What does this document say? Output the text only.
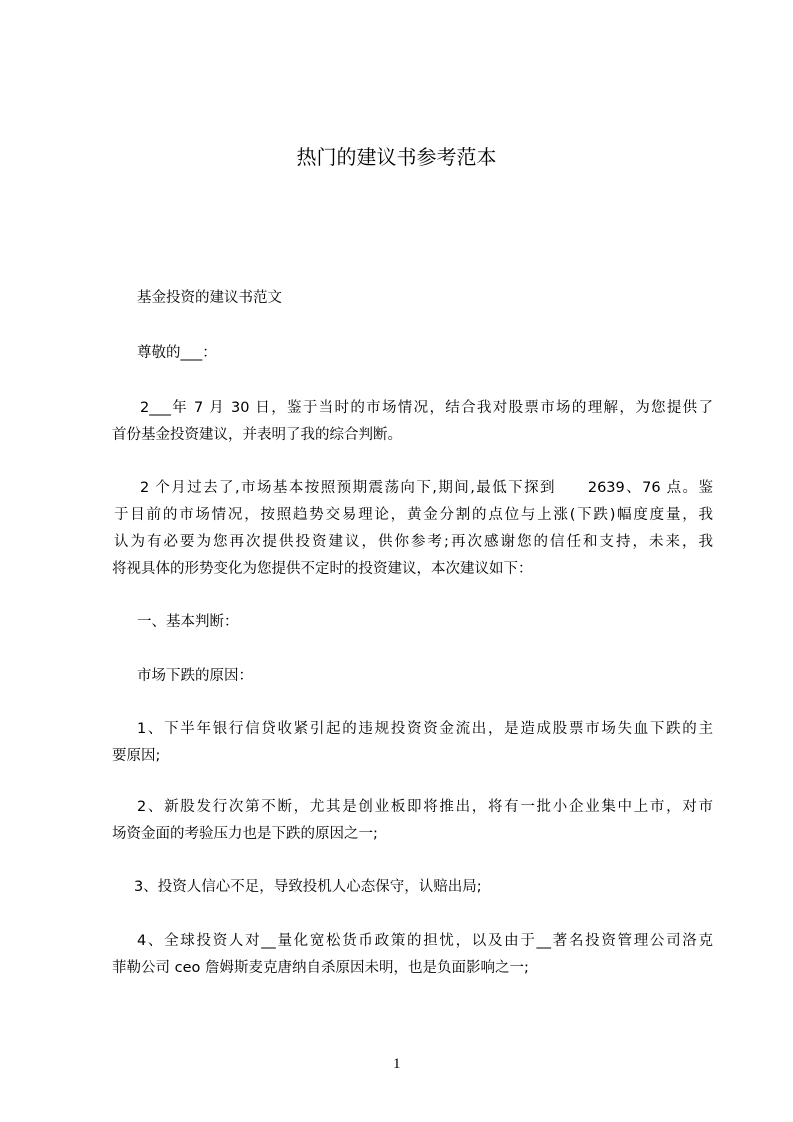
热门的建议书参考范本
基金投资的建议书范文
尊敬的___：
2___年 7 月 30 日，鉴于当时的市场情况，结合我对股票市场的理解，为您提供了
首份基金投资建议，并表明了我的综合判断。
2 个月过去了,市场基本按照预期震荡向下,期间,最低下探到　　2639、76 点。鉴
于目前的市场情况，按照趋势交易理论，黄金分割的点位与上涨(下跌)幅度度量，我
认为有必要为您再次提供投资建议，供你参考;再次感谢您的信任和支持，未来，我
将视具体的形势变化为您提供不定时的投资建议，本次建议如下：
一、基本判断：
市场下跌的原因：
1、下半年银行信贷收紧引起的违规投资资金流出，是造成股票市场失血下跌的主
要原因;
2、新股发行次第不断，尤其是创业板即将推出，将有一批小企业集中上市，对市
场资金面的考验压力也是下跌的原因之一;
3、投资人信心不足，导致投机人心态保守，认赔出局;
4、全球投资人对__量化宽松货币政策的担忧，以及由于__著名投资管理公司洛克
菲勒公司 ceo 詹姆斯麦克唐纳自杀原因未明，也是负面影响之一;
1
